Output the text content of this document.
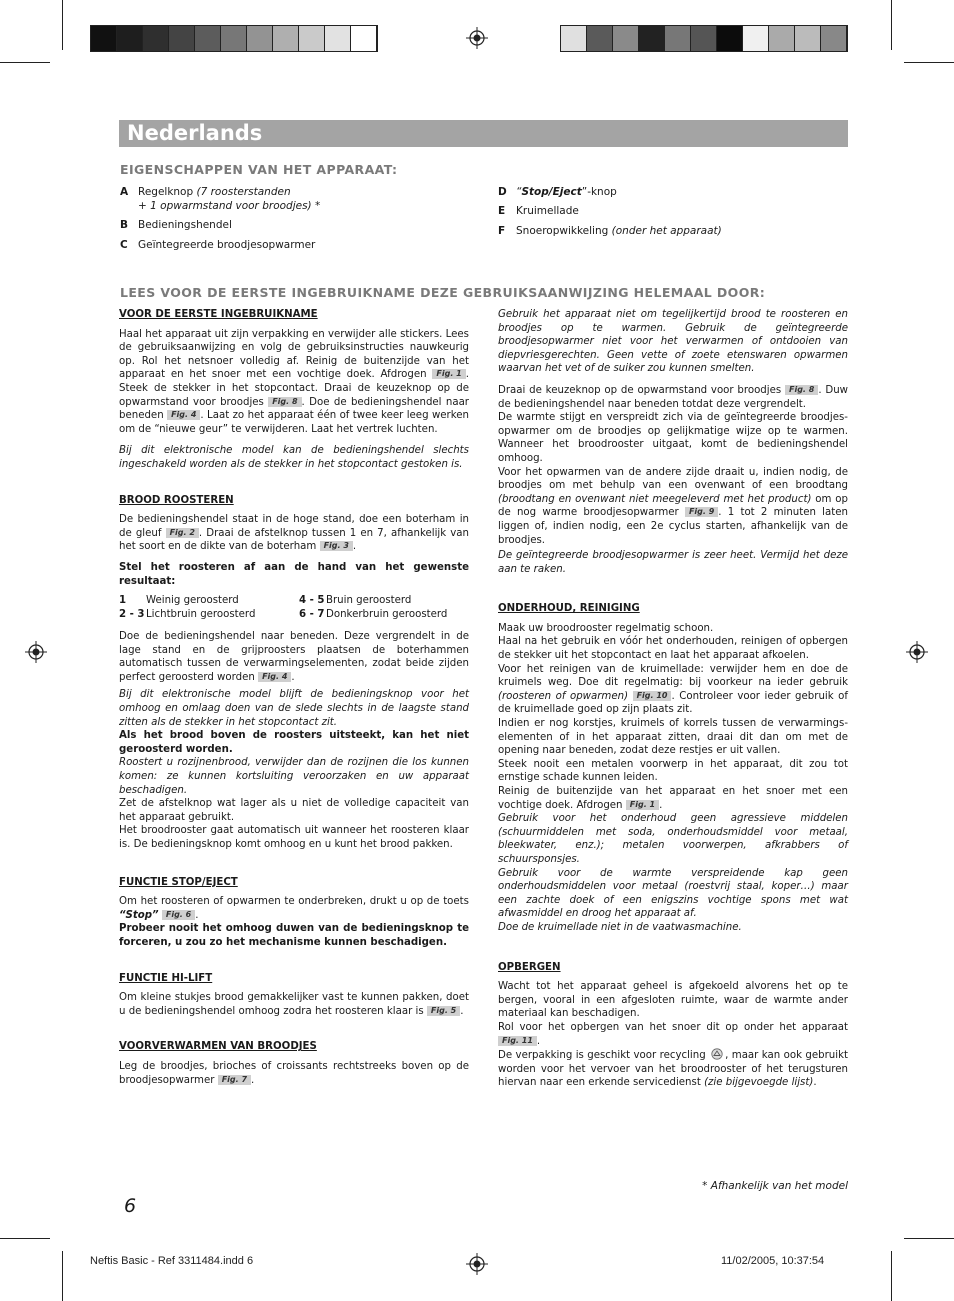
Nederlands
EIGENSCHAPPEN VAN HET APPARAAT:
A Regelknop (7 roosterstanden
+ 1 opwarmstand voor broodjes) *
B Bedieningshendel
C Geïntegreerde broodjesopwarmer
D “Stop/Eject”-knop
E Kruimellade
F Snoeropwikkeling (onder het apparaat)
LEES VOOR DE EERSTE INGEBRUIKNAME DEZE GEBRUIKSAANWIJZING HELEMAAL DOOR:
VOOR DE EERSTE INGEBRUIKNAME

Haal het apparaat uit zijn verpakking en verwijder alle stickers. Lees de gebruiksaanwijzing en volg de gebruiksinstructies nauwkeurig op. Rol het netsnoer volledig af. Reinig de buitenzijde van het apparaat en het snoer met een vochtige doek. Afdrogen Fig. 1 . Steek de stekker in het stopcontact. Draai de keuzeknop op de opwarmstand voor broodjes Fig. 8 . Doe de bedieningshendel naar beneden Fig. 4 . Laat zo het apparaat één of twee keer leeg werken om de “nieuwe geur” te verwijderen. Laat het vertrek luchten.

Bij dit elektronische model kan de bedieningshendel slechts ingeschakeld worden als de stekker in het stopcontact gestoken is.

BROOD ROOSTEREN

De bedieningshendel staat in de hoge stand, doe een boterham in de gleuf Fig. 2 . Draai de afstelknop tussen 1 en 7, afhankelijk van het soort en de dikte van de boterham Fig. 3 .

Stel het roosteren af aan de hand van het gewenste resultaat:

1	Weinig geroosterd	4 - 5 Bruin geroosterd
2 - 3 Lichtbruin geroosterd	6 - 7 Donkerbruin geroosterd

Doe de bedieningshendel naar beneden. Deze vergrendelt in de lage stand en de grijproosters plaatsen de boterhammen automatisch tussen de verwarmingselementen, zodat beide zijden perfect geroosterd worden Fig. 4 .

Bij dit elektronische model blijft de bedieningsknop voor het omhoog en omlaag doen van de slede slechts in de laagste stand zitten als de stekker in het stopcontact zit.

Als het brood boven de roosters uitsteekt, kan het niet geroosterd worden.

Roostert u rozijnenbrood, verwijder dan de rozijnen die los kunnen komen: ze kunnen kortsluiting veroorzaken en uw apparaat beschadigen.

Zet de afstelknop wat lager als u niet de volledige capaciteit van het apparaat gebruikt.

Het broodrooster gaat automatisch uit wanneer het roosteren klaar is. De bedieningsknop komt omhoog en u kunt het brood pakken.

FUNCTIE STOP/EJECT

Om het roosteren of opwarmen te onderbreken, drukt u op de toets “Stop” Fig. 6 .

Probeer nooit het omhoog duwen van de bedieningsknop te forceren, u zou zo het mechanisme kunnen beschadigen.

FUNCTIE HI-LIFT

Om kleine stukjes brood gemakkelijker vast te kunnen pakken, doet u de bedieningshendel omhoog zodra het roosteren klaar is Fig. 5 .

VOORVERWARMEN VAN BROODJES

Leg de broodjes, brioches of croissants rechtstreeks boven op de broodjesopwarmer Fig. 7 .

Gebruik het apparaat niet om tegelijkertijd brood te roosteren en broodjes op te warmen. Gebruik de geïntegreerde broodjesopwarmer niet voor het verwarmen of ontdooien van diepvriesgerechten. Geen vette of zoete etenswaren opwarmen waarvan het vet of de suiker zou kunnen smelten.

Draai de keuzeknop op de opwarmstand voor broodjes Fig. 8 . Duw de bedieningshendel naar beneden totdat deze vergrendelt.

De warmte stijgt en verspreidt zich via de geïntegreerde broodjes-opwarmer om de broodjes op gelijkmatige wijze op te warmen. Wanneer het broodrooster uitgaat, komt de bedieningshendel omhoog.

Voor het opwarmen van de andere zijde draait u, indien nodig, de broodjes om met behulp van een ovenwant of een broodtang (broodtang en ovenwant niet meegeleverd met het product) om op de nog warme broodjesopwarmer Fig. 9 . 1 tot 2 minuten laten liggen of, indien nodig, een 2e cyclus starten, afhankelijk van de broodjes.

De geïntegreerde broodjesopwarmer is zeer heet. Vermijd het deze aan te raken.

ONDERHOUD, REINIGING

Maak uw broodrooster regelmatig schoon.

Haal na het gebruik en vóór het onderhouden, reinigen of opbergen de stekker uit het stopcontact en laat het apparaat afkoelen.

Voor het reinigen van de kruimellade: verwijder hem en doe de kruimels weg. Doe dit regelmatig: bij voorkeur na ieder gebruik (roosteren of opwarmen) Fig. 10 . Controleer voor ieder gebruik of de kruimellade goed op zijn plaats zit.

Indien er nog korstjes, kruimels of korrels tussen de verwarmings-elementen of in het apparaat zitten, draai dit dan om met de opening naar beneden, zodat deze restjes er uit vallen.

Steek nooit een metalen voorwerp in het apparaat, dit zou tot ernstige schade kunnen leiden.

Reinig de buitenzijde van het apparaat en het snoer met een vochtige doek. Afdrogen Fig. 1 .

Gebruik voor het onderhoud geen agressieve middelen (schuurmiddelen met soda, onderhoudsmiddel voor metaal, bleekwater, enz.); metalen voorwerpen, afkrabbers of schuursponsjes.

Gebruik voor de warmte verspreidende kap geen onderhoudsmiddelen voor metaal (roestvrij staal, koper…) maar een zachte doek of een enigszins vochtige spons met wat afwasmiddel en droog het apparaat af.

Doe de kruimellade niet in de vaatwasmachine.

OPBERGEN

Wacht tot het apparaat geheel is afgekoeld alvorens het op te bergen, vooral in een afgesloten ruimte, waar de warmte ander materiaal kan beschadigen.

Rol voor het opbergen van het snoer dit op onder het apparaat Fig. 11 .

De verpakking is geschikt voor recycling , maar kan ook gebruikt worden voor het vervoer van het broodrooster of het terugsturen hiervan naar een erkende servicedienst (zie bijgevoegde lijst).

* Afhankelijk van het model
6
Neftis Basic - Ref 3311484.indd 6	11/02/2005, 10:37:54
